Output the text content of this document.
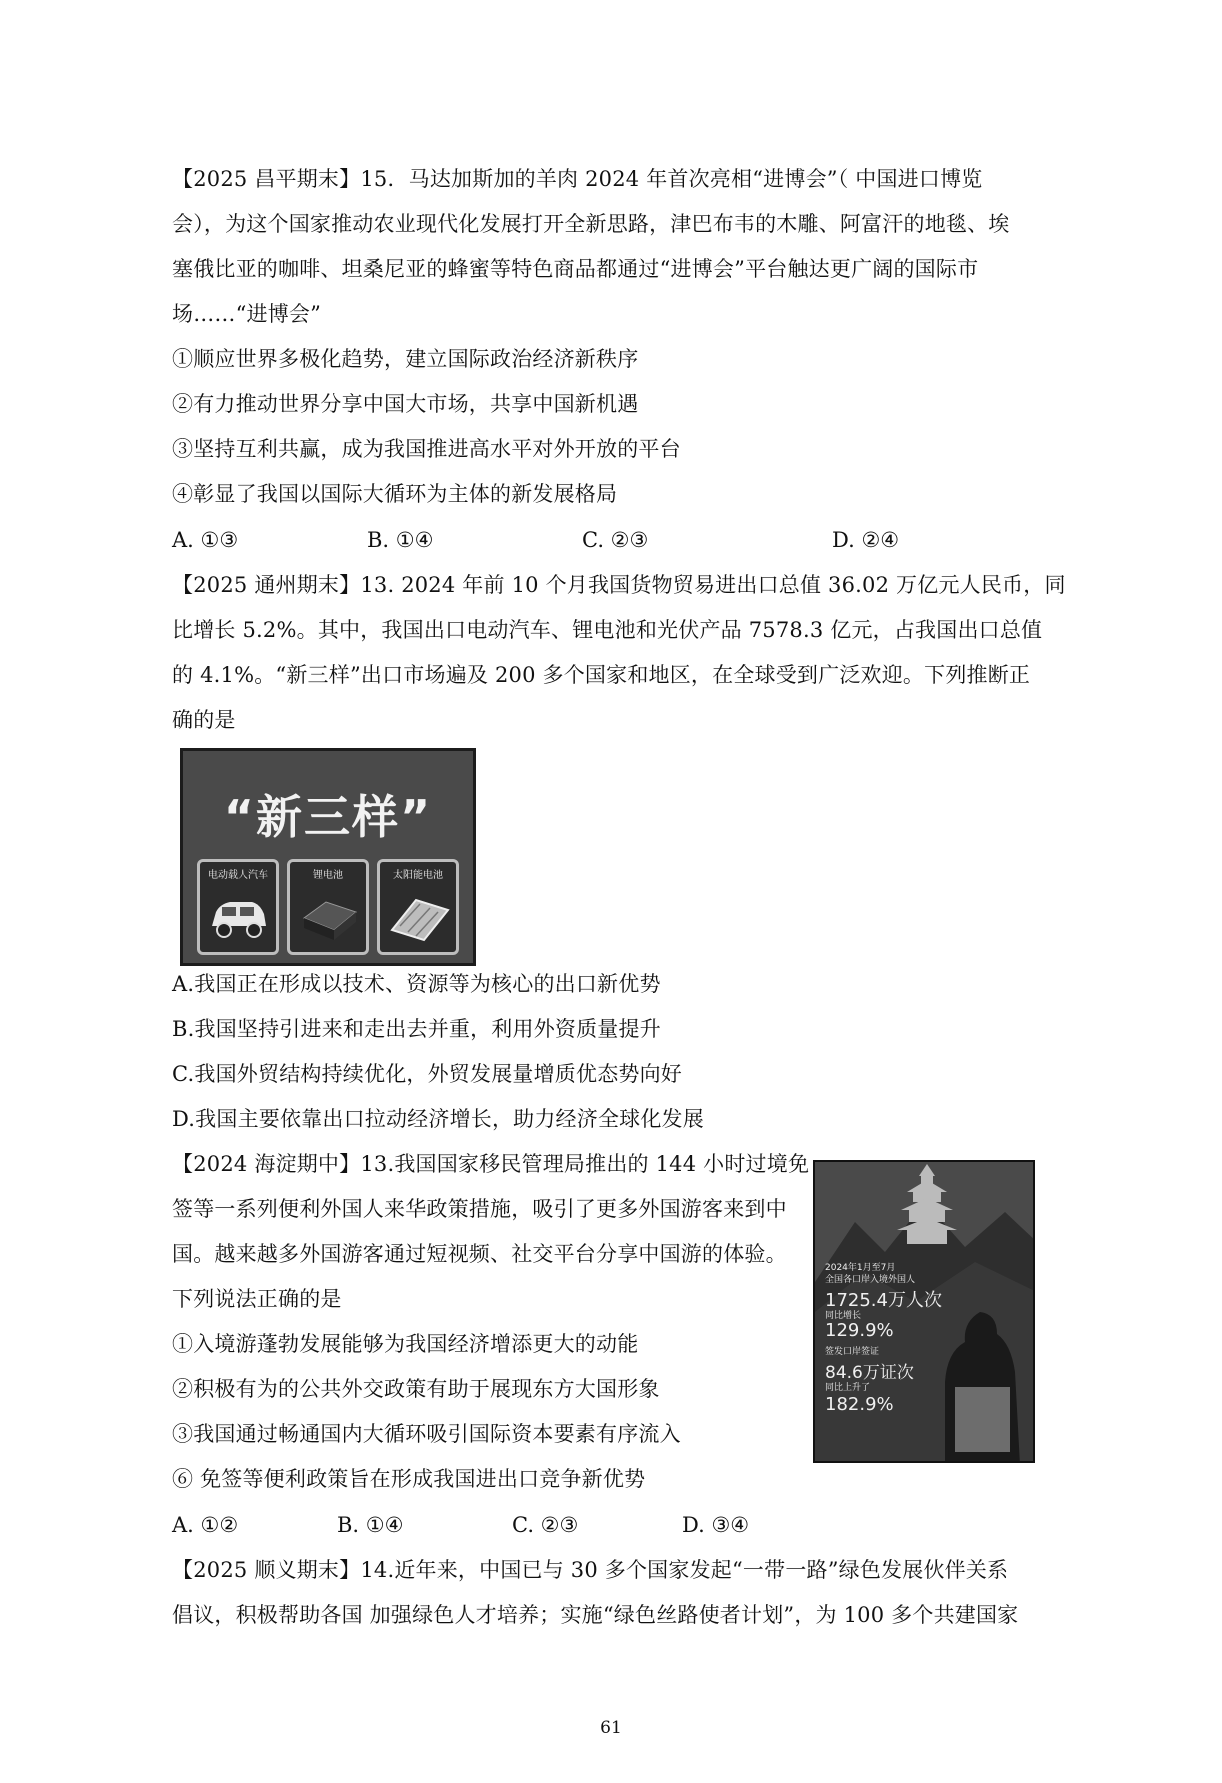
【2025 昌平期末】15．马达加斯加的羊肉 2024 年首次亮相“进博会”（ 中国进口博览
会），为这个国家推动农业现代化发展打开全新思路，津巴布韦的木雕、阿富汗的地毯、埃
塞俄比亚的咖啡、坦桑尼亚的蜂蜜等特色商品都通过“进博会”平台触达更广阔的国际市
场……“进博会”
①顺应世界多极化趋势，建立国际政治经济新秩序
②有力推动世界分享中国大市场，共享中国新机遇
③坚持互利共赢，成为我国推进高水平对外开放的平台
④彰显了我国以国际大循环为主体的新发展格局
A. ①③	B. ①④	C. ②③	D. ②④
【2025 通州期末】13. 2024 年前 10 个月我国货物贸易进出口总值 36.02 万亿元人民币，同
比增长 5.2%。其中，我国出口电动汽车、锂电池和光伏产品 7578.3 亿元，占我国出口总值
的 4.1%。“新三样”出口市场遍及 200 多个国家和地区，在全球受到广泛欢迎。下列推断正
确的是
“新三样”
电动载人汽车	锂电池	太阳能电池
A.我国正在形成以技术、资源等为核心的出口新优势
B.我国坚持引进来和走出去并重，利用外资质量提升
C.我国外贸结构持续优化，外贸发展量增质优态势向好
D.我国主要依靠出口拉动经济增长，助力经济全球化发展
【2024 海淀期中】13.我国国家移民管理局推出的 144 小时过境免
签等一系列便利外国人来华政策措施，吸引了更多外国游客来到中
国。越来越多外国游客通过短视频、社交平台分享中国游的体验。
下列说法正确的是
①入境游蓬勃发展能够为我国经济增添更大的动能
②积极有为的公共外交政策有助于展现东方大国形象
③我国通过畅通国内大循环吸引国际资本要素有序流入
⑥ 免签等便利政策旨在形成我国进出口竞争新优势
2024年1月至7月
全国各口岸入境外国人
1725.4万人次
同比增长
129.9%
签发口岸签证
84.6万证次
同比上升了
182.9%
A. ①②	B. ①④	C. ②③	D. ③④
【2025 顺义期末】14.近年来，中国已与 30 多个国家发起“一带一路”绿色发展伙伴关系
倡议，积极帮助各国 加强绿色人才培养；实施“绿色丝路使者计划”，为 100 多个共建国家
61
